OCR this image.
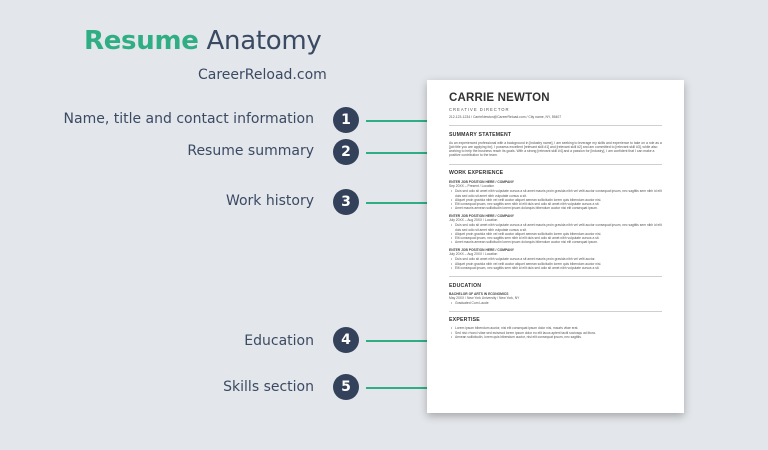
Resume Anatomy
CareerReload.com
Name, title and contact information	1
Resume summary	2
Work history	3
Education	4
Skills section	5
CARRIE NEWTON
CREATIVE DIRECTOR
212-123-1234 / CarrieNewton@CareerReload.com / City name, NY, 55407
SUMMARY STATEMENT
As an experienced professional with a background in [industry name], I am seeking to leverage my skills and experience to take on a role as a [job title you are applying for]. I possess excellent [relevant skill #1] and [relevant skill #2] and am committed to [relevant skill #3], while also working to help the business reach its goals. With a strong [relevant skill #4] and a passion for [industry], I am confident that I can make a positive contribution to the team.
WORK EXPERIENCE
ENTER JOB POSITION HERE / COMPANY
Sep 20XX – Present / Location
• Duis sed odio sit amet nibh vulputate cursus a sit amet mauris proin gravida nibh vel velit auctor consequat ipsum, nec sagittis sem nibh id elit duis sed odio sit amet nibh vulputate cursus a sit.
• Aliquet proin gravida nibh vel velit auctor aliquet aenean sollicitudin lorem quis bibendum auctor nisi.
• Elit consequat ipsum, nec sagittis sem nibh id elit duis sed odio sit amet nibh vulputate cursus a sit.
• Amet mauris aenean sollicitudin lorem ipsum dolorquis bibendum auctor nisi elit consequat ipsum.
ENTER JOB POSITION HERE / COMPANY
July 20XX – Aug 20XX / Location
• Duis sed odio sit amet nibh vulputate cursus a sit amet mauris proin gravida nibh vel velit auctor consequat ipsum, nec sagittis sem nibh id elit duis sed odio sit amet nibh vulputate cursus a sit.
• Aliquet proin gravida nibh vel velit auctor aliquet aenean sollicitudin lorem quis bibendum auctor nisi.
• Elit consequat ipsum, nec sagittis sem nibh id elit duis sed odio sit amet nibh vulputate cursus a sit.
• Amet mauris aenean sollicitudin lorem ipsum dolorquis bibendum auctor nisi elit consequat ipsum.
ENTER JOB POSITION HERE / COMPANY
July 20XX – Aug 20XX / Location
• Duis sed odio sit amet nibh vulputate cursus a sit amet mauris proin gravida nibh vel velit auctor.
• Aliquet proin gravida nibh vel velit auctor aliquet aenean sollicitudin lorem quis bibendum auctor nisi.
• Elit consequat ipsum, nec sagittis sem nibh id elit duis sed odio sit amet nibh vulputate cursus a sit.
EDUCATION
BACHELOR OF ARTS IN ECONOMICS
May 20XX / New York University / New York, NY
• Graduated Cum Laude
EXPERTISE
• Lorem ipsum bibendum auctor, nisi elit consequat ipsum dolor nisi, mauris vitae erat.
• Sed nisi: rhonci vitae sed euismod lorem ipsum dolor eu elit lacus aptent taciti sociosqu ad litora.
• Aenean sollicitudin, lorem quis bibendum auctor, nisi elit consequat ipsum, nec sagittis.
